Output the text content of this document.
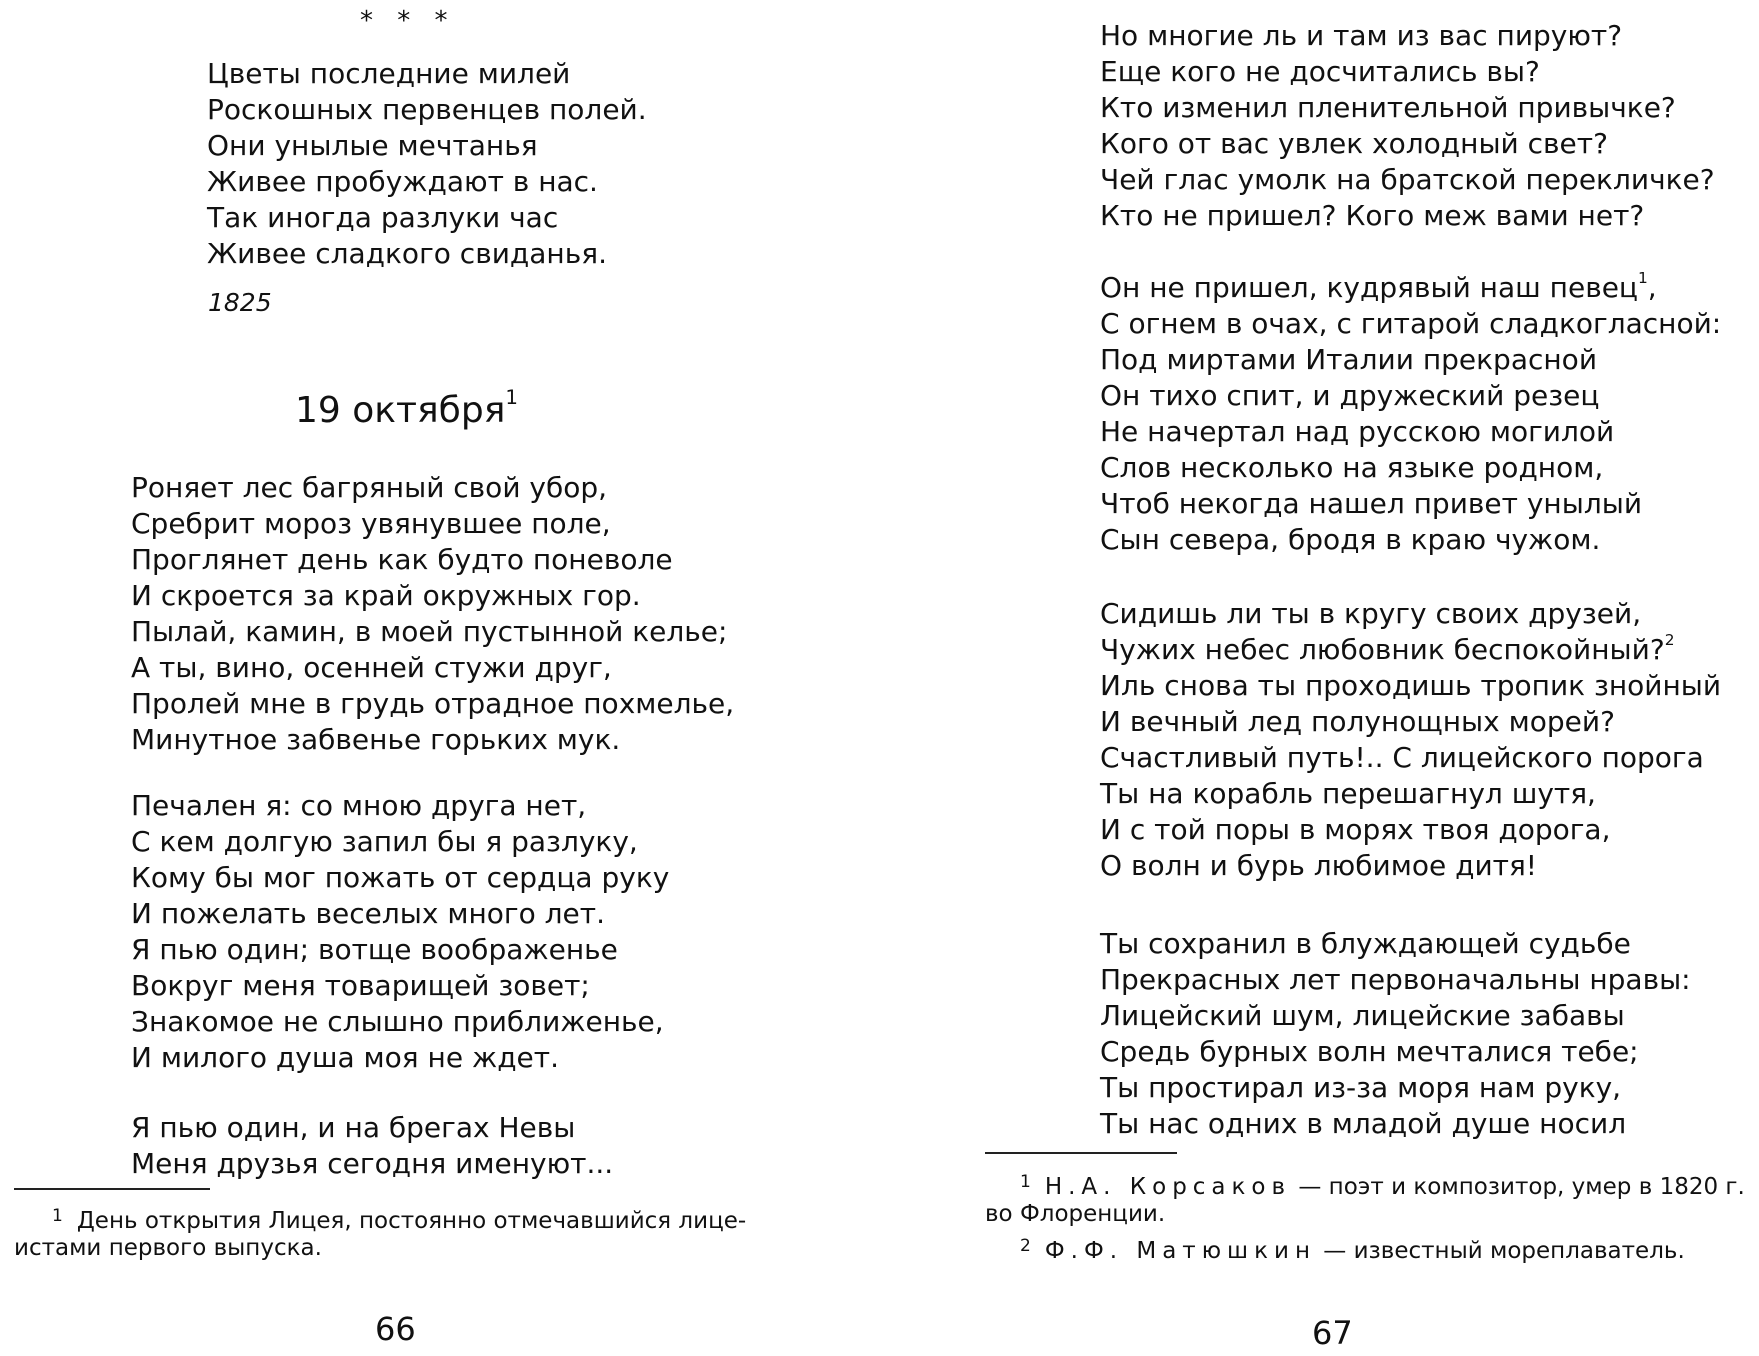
* * *
Цветы последние милей
Роскошных первенцев полей.
Они унылые мечтанья
Живее пробуждают в нас.
Так иногда разлуки час
Живее сладкого свиданья.
1825
19 октября$^1$
Роняет лес багряный свой убор,
Сребрит мороз увянувшее поле,
Проглянет день как будто поневоле
И скроется за край окружных гор.
Пылай, камин, в моей пустынной келье;
А ты, вино, осенней стужи друг,
Пролей мне в грудь отрадное похмелье,
Минутное забвенье горьких мук.
Печален я: со мною друга нет,
С кем долгую запил бы я разлуку,
Кому бы мог пожать от сердца руку
И пожелать веселых много лет.
Я пью один; вотще воображенье
Вокруг меня товарищей зовет;
Знакомое не слышно приближенье,
И милого душа моя не ждет.
Я пью один, и на брегах Невы
Меня друзья сегодня именуют...
$^1$ День открытия Лицея, постоянно отмечавшийся лице-
истами первого выпуска.
66
Но многие ль и там из вас пируют?
Еще кого не досчитались вы?
Кто изменил пленительной привычке?
Кого от вас увлек холодный свет?
Чей глас умолк на братской перекличке?
Кто не пришел? Кого меж вами нет?
Он не пришел, кудрявый наш певец$^1$,
С огнем в очах, с гитарой сладкогласной:
Под миртами Италии прекрасной
Он тихо спит, и дружеский резец
Не начертал над русскою могилой
Слов несколько на языке родном,
Чтоб некогда нашел привет унылый
Сын севера, бродя в краю чужом.
Сидишь ли ты в кругу своих друзей,
Чужих небес любовник беспокойный?$^2$
Иль снова ты проходишь тропик знойный
И вечный лед полунощных морей?
Счастливый путь!.. С лицейского порога
Ты на корабль перешагнул шутя,
И с той поры в морях твоя дорога,
О волн и бурь любимое дитя!
Ты сохранил в блуждающей судьбе
Прекрасных лет первоначальны нравы:
Лицейский шум, лицейские забавы
Средь бурных волн мечталися тебе;
Ты простирал из-за моря нам руку,
Ты нас одних в младой душе носил
$^1$ Н.А. Корсаков — поэт и композитор, умер в 1820 г.
во Флоренции.
$^2$ Ф.Ф. Матюшкин — известный мореплаватель.
67
